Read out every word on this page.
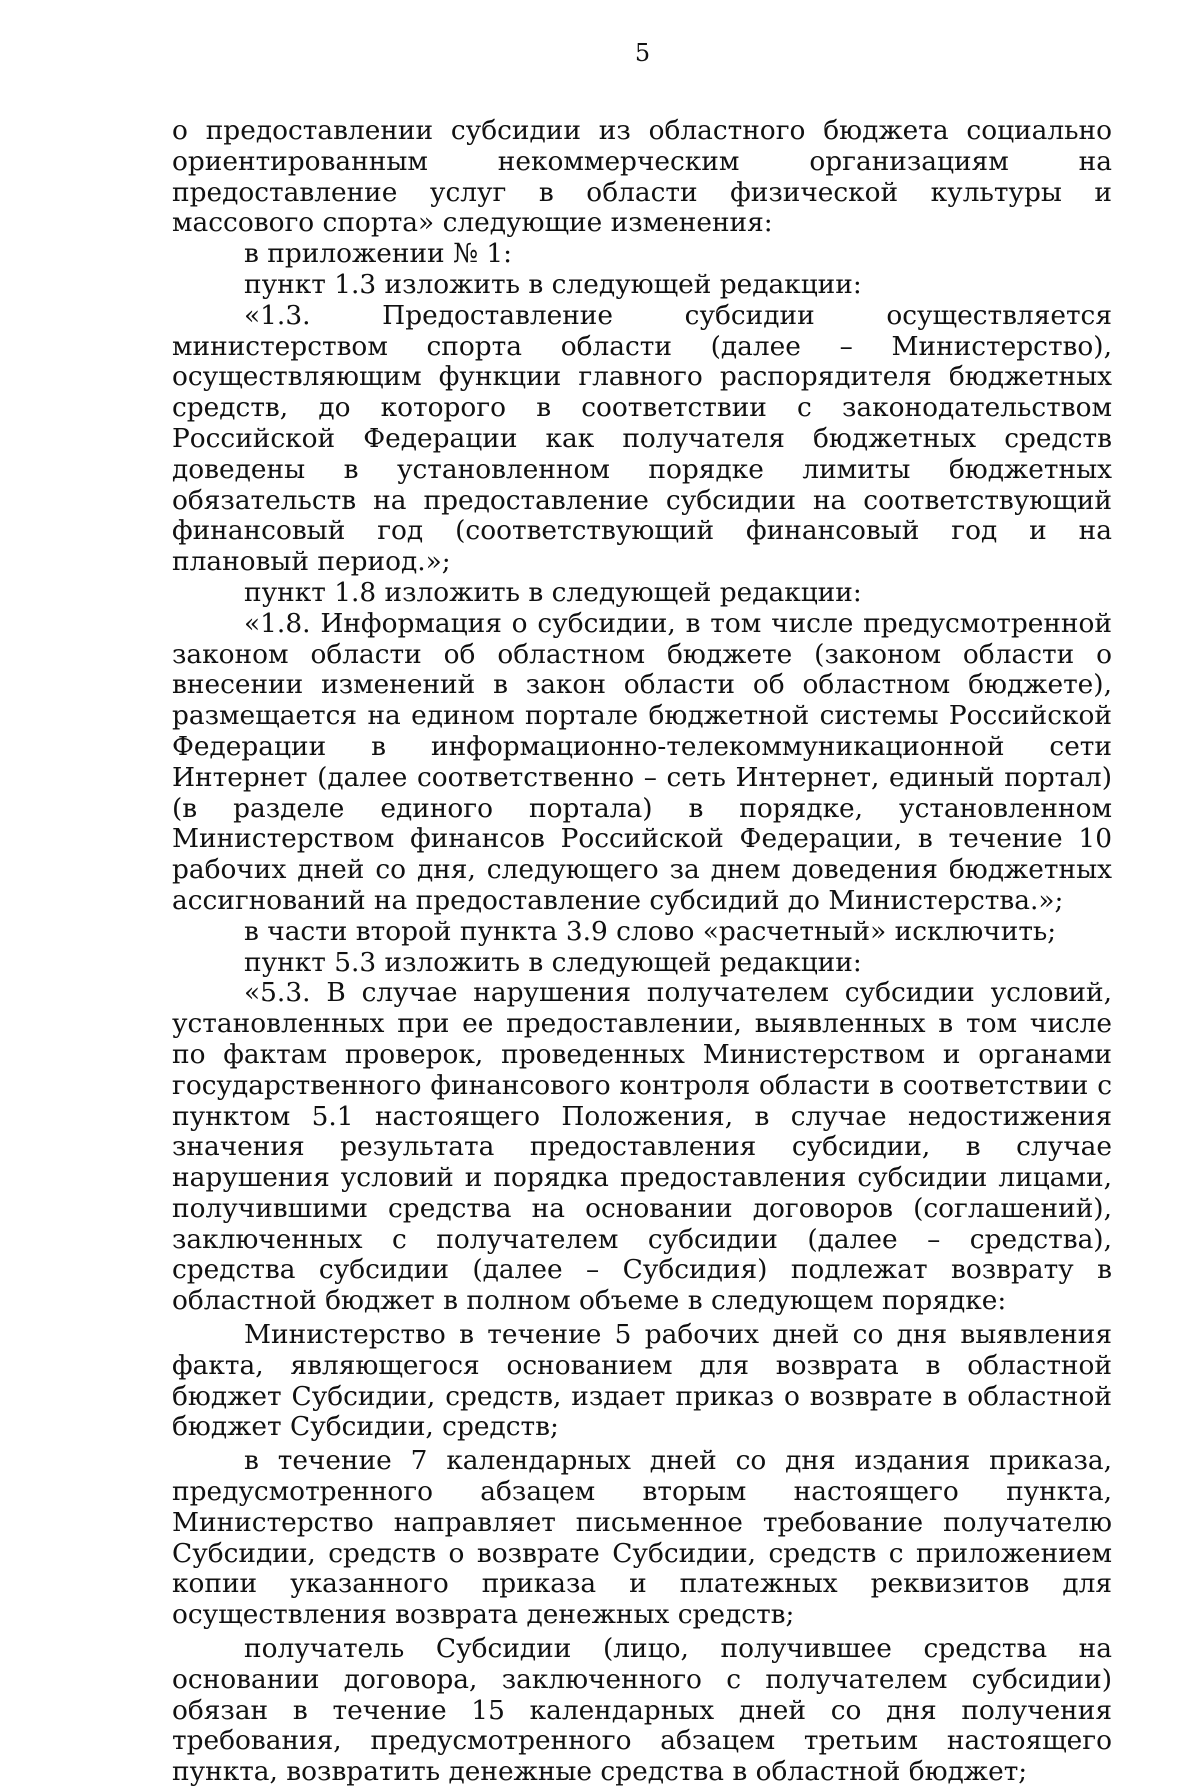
5

о предоставлении субсидии из областного бюджета социально ориентированным некоммерческим организациям на предоставление услуг в области физической культуры и массового спорта» следующие изменения:

в приложении № 1:

пункт 1.3 изложить в следующей редакции:

«1.3. Предоставление субсидии осуществляется министерством спорта области (далее – Министерство), осуществляющим функции главного распорядителя бюджетных средств, до которого в соответствии с законодательством Российской Федерации как получателя бюджетных средств доведены в установленном порядке лимиты бюджетных обязательств на предоставление субсидии на соответствующий финансовый год (соответствующий финансовый год и на плановый период.»;

пункт 1.8 изложить в следующей редакции:

«1.8. Информация о субсидии, в том числе предусмотренной законом области об областном бюджете (законом области о внесении изменений в закон области об областном бюджете), размещается на едином портале бюджетной системы Российской Федерации в информационно-телекоммуникационной сети Интернет (далее соответственно – сеть Интернет, единый портал) (в разделе единого портала) в порядке, установленном Министерством финансов Российской Федерации, в течение 10 рабочих дней со дня, следующего за днем доведения бюджетных ассигнований на предоставление субсидий до Министерства.»;

в части второй пункта 3.9 слово «расчетный» исключить;

пункт 5.3 изложить в следующей редакции:

«5.3. В случае нарушения получателем субсидии условий, установленных при ее предоставлении, выявленных в том числе по фактам проверок, проведенных Министерством и органами государственного финансового контроля области в соответствии с пунктом 5.1 настоящего Положения, в случае недостижения значения результата предоставления субсидии, в случае нарушения условий и порядка предоставления субсидии лицами, получившими средства на основании договоров (соглашений), заключенных с получателем субсидии (далее – средства), средства субсидии (далее – Субсидия) подлежат возврату в областной бюджет в полном объеме в следующем порядке:

Министерство в течение 5 рабочих дней со дня выявления факта, являющегося основанием для возврата в областной бюджет Субсидии, средств, издает приказ о возврате в областной бюджет Субсидии, средств;

в течение 7 календарных дней со дня издания приказа, предусмотренного абзацем вторым настоящего пункта, Министерство направляет письменное требование получателю Субсидии, средств о возврате Субсидии, средств с приложением копии указанного приказа и платежных реквизитов для осуществления возврата денежных средств;

получатель Субсидии (лицо, получившее средства на основании договора, заключенного с получателем субсидии) обязан в течение 15 календарных дней со дня получения требования, предусмотренного абзацем третьим настоящего пункта, возвратить денежные средства в областной бюджет;
